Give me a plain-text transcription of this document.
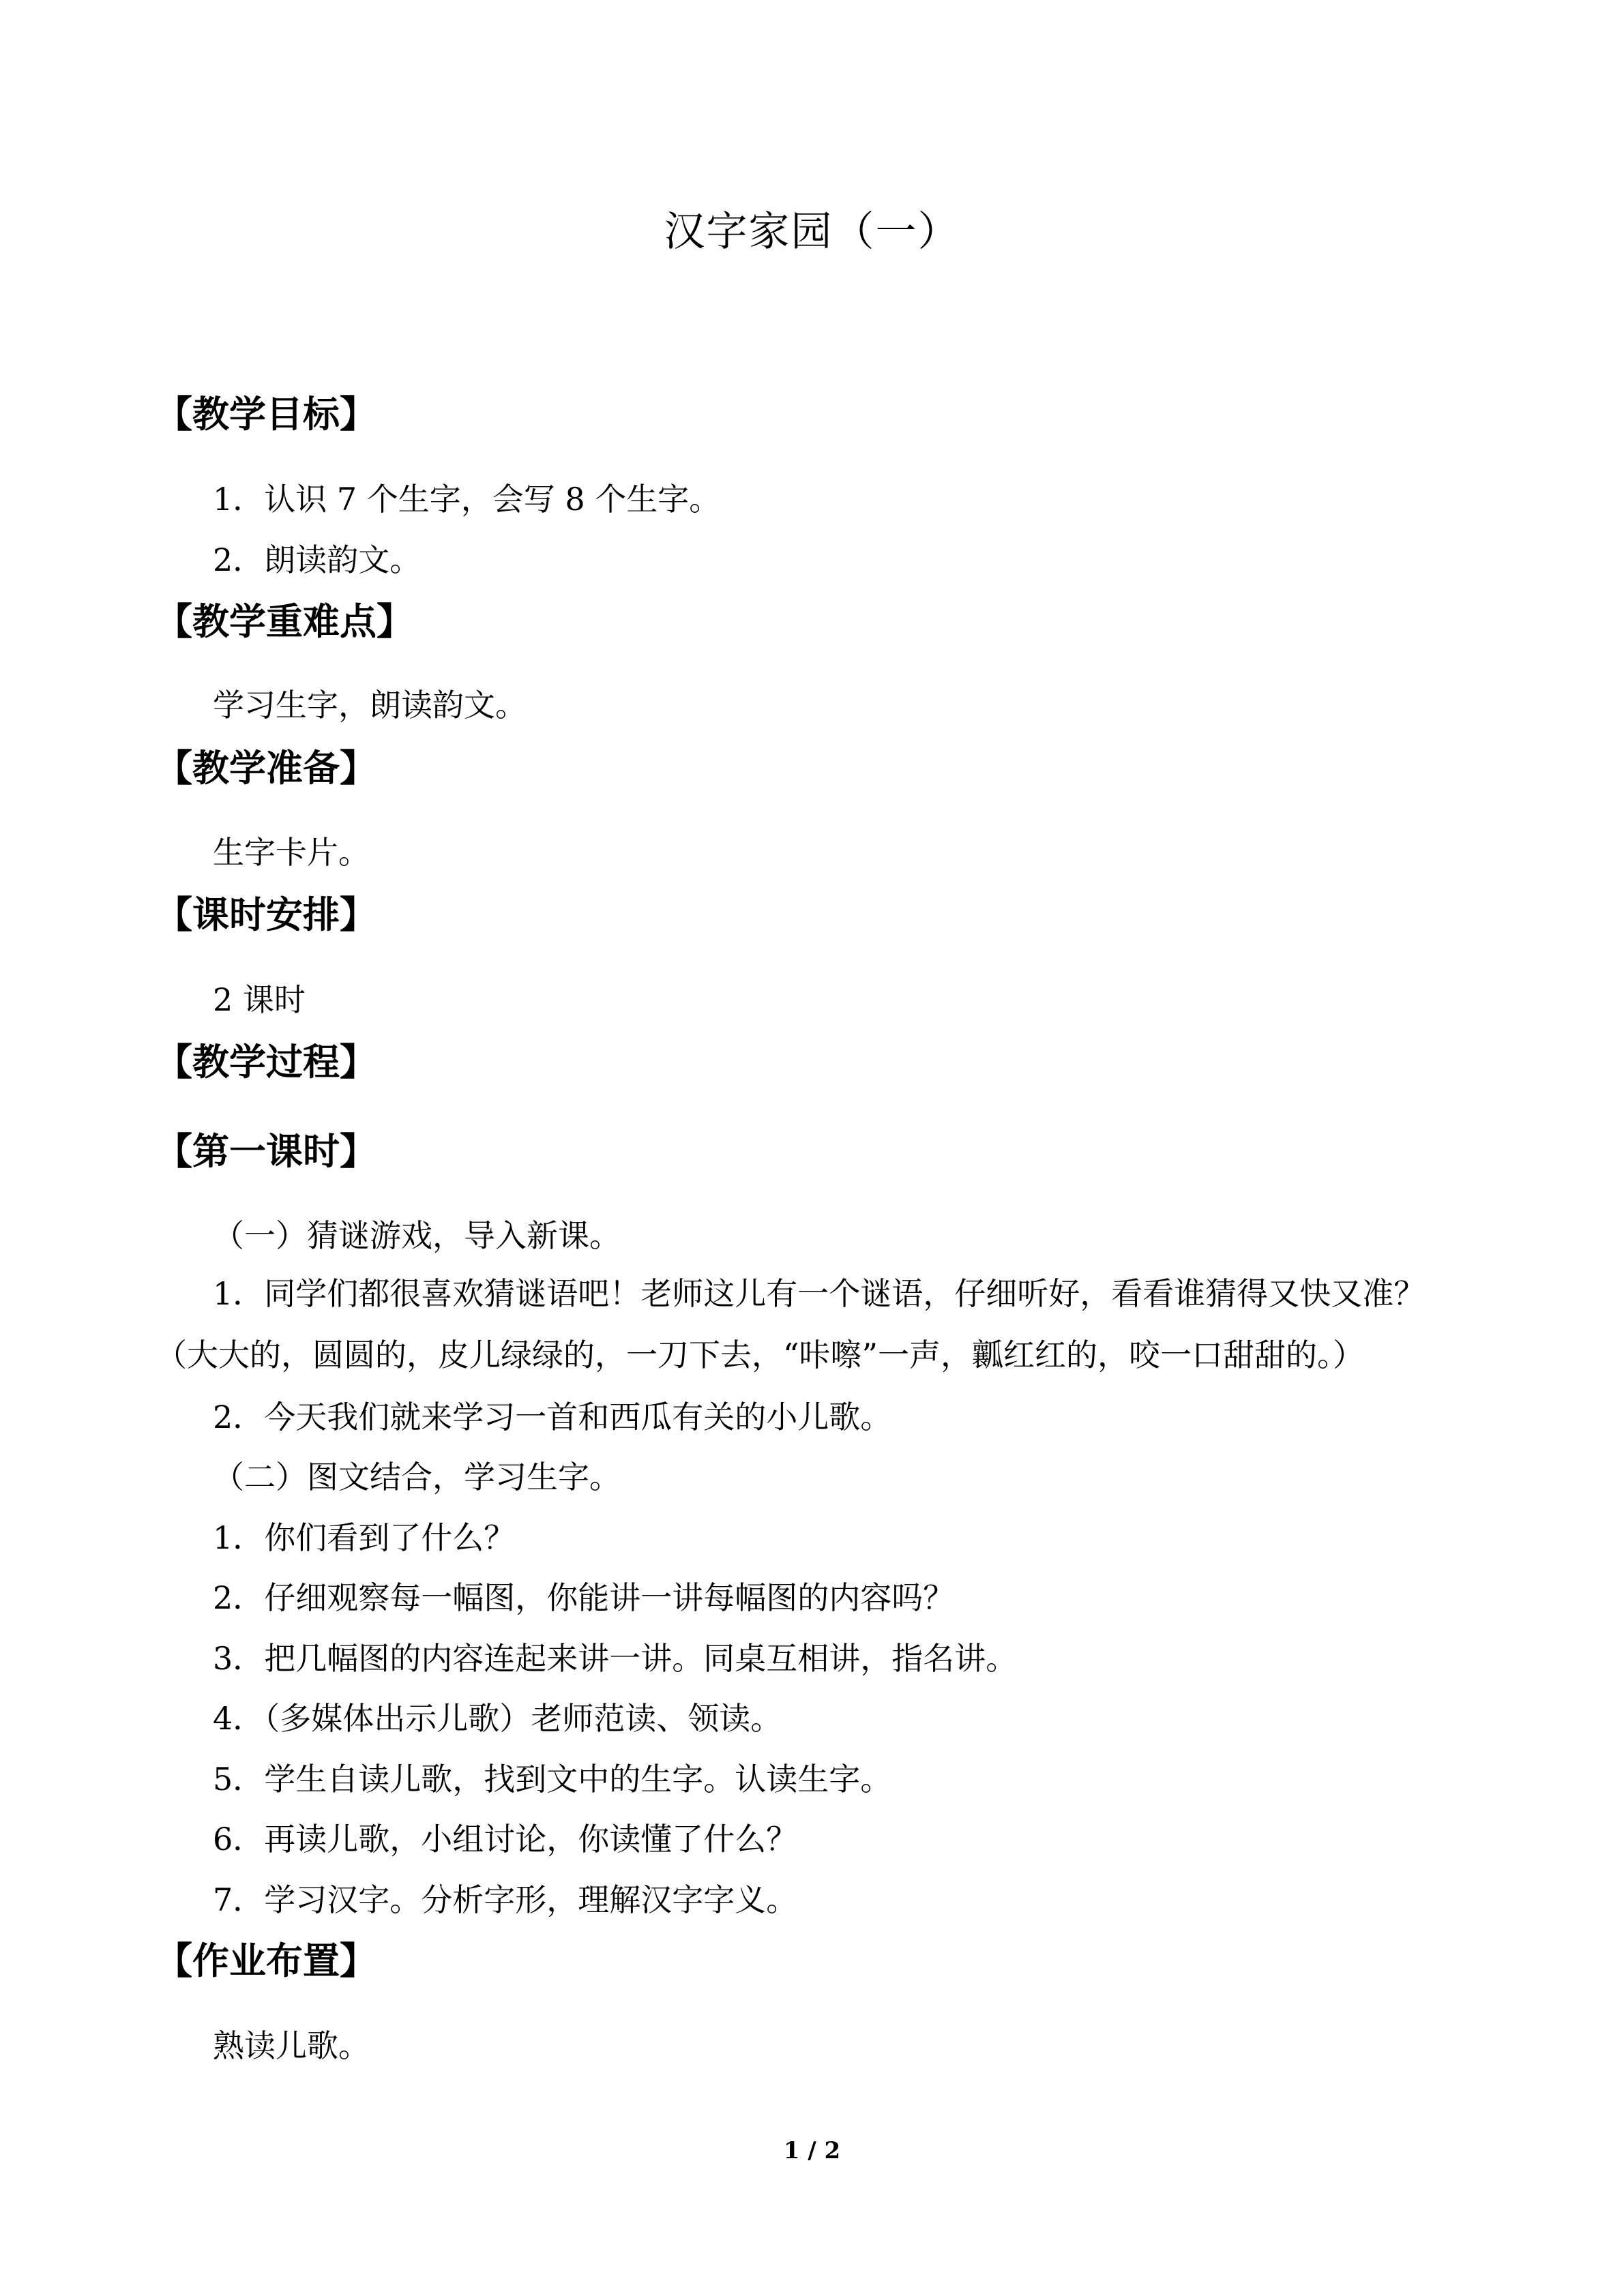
汉字家园（一）
【教学目标】
1．认识 7 个生字，会写 8 个生字。
2．朗读韵文。
【教学重难点】
学习生字，朗读韵文。
【教学准备】
生字卡片。
【课时安排】
2 课时
【教学过程】
【第一课时】
（一）猜谜游戏，导入新课。
1．同学们都很喜欢猜谜语吧！老师这儿有一个谜语，仔细听好，看看谁猜得又快又准？（大大的，圆圆的，皮儿绿绿的，一刀下去，“咔嚓”一声，瓤红红的，咬一口甜甜的。）
2．今天我们就来学习一首和西瓜有关的小儿歌。
（二）图文结合，学习生字。
1．你们看到了什么？
2．仔细观察每一幅图，你能讲一讲每幅图的内容吗？
3．把几幅图的内容连起来讲一讲。同桌互相讲，指名讲。
4．（多媒体出示儿歌）老师范读、领读。
5．学生自读儿歌，找到文中的生字。认读生字。
6．再读儿歌，小组讨论，你读懂了什么？
7．学习汉字。分析字形，理解汉字字义。
【作业布置】
熟读儿歌。
1 / 2
